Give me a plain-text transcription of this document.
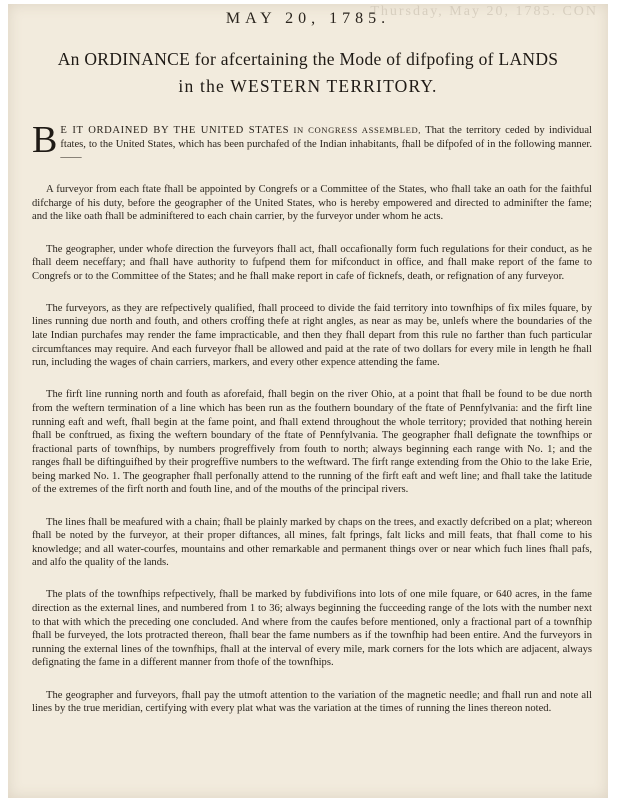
Thursday, May 20, 1785. CON
MAY 20, 1785.
An ORDINANCE for afcertaining the Mode of difpofing of LANDS
in the WESTERN TERRITORY.

B E IT ORDAINED BY THE UNITED STATES IN CONGRESS ASSEMBLED, That the territory ceded by individual ftates, to the United States, which has been purchafed of the Indian inhabitants, fhall be difpofed of in the following manner. ——

A furveyor from each ftate fhall be appointed by Congrefs or a Committee of the States, who fhall take an oath for the faithful difcharge of his duty, before the geographer of the United States, who is hereby empowered and directed to adminifter the fame; and the like oath fhall be adminiftered to each chain carrier, by the furveyor under whom he acts.

The geographer, under whofe direction the furveyors fhall act, fhall occafionally form fuch regulations for their conduct, as he fhall deem neceffary; and fhall have authority to fufpend them for mifconduct in office, and fhall make report of the fame to Congrefs or to the Committee of the States; and he fhall make report in cafe of ficknefs, death, or refignation of any furveyor.

The furveyors, as they are refpectively qualified, fhall proceed to divide the faid territory into townfhips of fix miles fquare, by lines running due north and fouth, and others croffing thefe at right angles, as near as may be, unlefs where the boundaries of the late Indian purchafes may render the fame impracticable, and then they fhall depart from this rule no farther than fuch particular circumftances may require. And each furveyor fhall be allowed and paid at the rate of two dollars for every mile in length he fhall run, including the wages of chain carriers, markers, and every other expence attending the fame.

The firft line running north and fouth as aforefaid, fhall begin on the river Ohio, at a point that fhall be found to be due north from the weftern termination of a line which has been run as the fouthern boundary of the ftate of Pennfylvania: and the firft line running eaft and weft, fhall begin at the fame point, and fhall extend throughout the whole territory; provided that nothing herein fhall be conftrued, as fixing the weftern boundary of the ftate of Pennfylvania. The geographer fhall defignate the townfhips or fractional parts of townfhips, by numbers progreffively from fouth to north; always beginning each range with No. 1; and the ranges fhall be diftinguifhed by their progreffive numbers to the weftward. The firft range extending from the Ohio to the lake Erie, being marked No. 1. The geographer fhall perfonally attend to the running of the firft eaft and weft line; and fhall take the latitude of the extremes of the firft north and fouth line, and of the mouths of the principal rivers.

The lines fhall be meafured with a chain; fhall be plainly marked by chaps on the trees, and exactly defcribed on a plat; whereon fhall be noted by the furveyor, at their proper diftances, all mines, falt fprings, falt licks and mill feats, that fhall come to his knowledge; and all water-courfes, mountains and other remarkable and permanent things over or near which fuch lines fhall pafs, and alfo the quality of the lands.

The plats of the townfhips refpectively, fhall be marked by fubdivifions into lots of one mile fquare, or 640 acres, in the fame direction as the external lines, and numbered from 1 to 36; always beginning the fucceeding range of the lots with the number next to that with which the preceding one concluded. And where from the caufes before mentioned, only a fractional part of a townfhip fhall be furveyed, the lots protracted thereon, fhall bear the fame numbers as if the townfhip had been entire. And the furveyors in running the external lines of the townfhips, fhall at the interval of every mile, mark corners for the lots which are adjacent, always defignating the fame in a different manner from thofe of the townfhips.

The geographer and furveyors, fhall pay the utmoft attention to the variation of the magnetic needle; and fhall run and note all lines by the true meridian, certifying with every plat what was the variation at the times of running the lines thereon noted.
